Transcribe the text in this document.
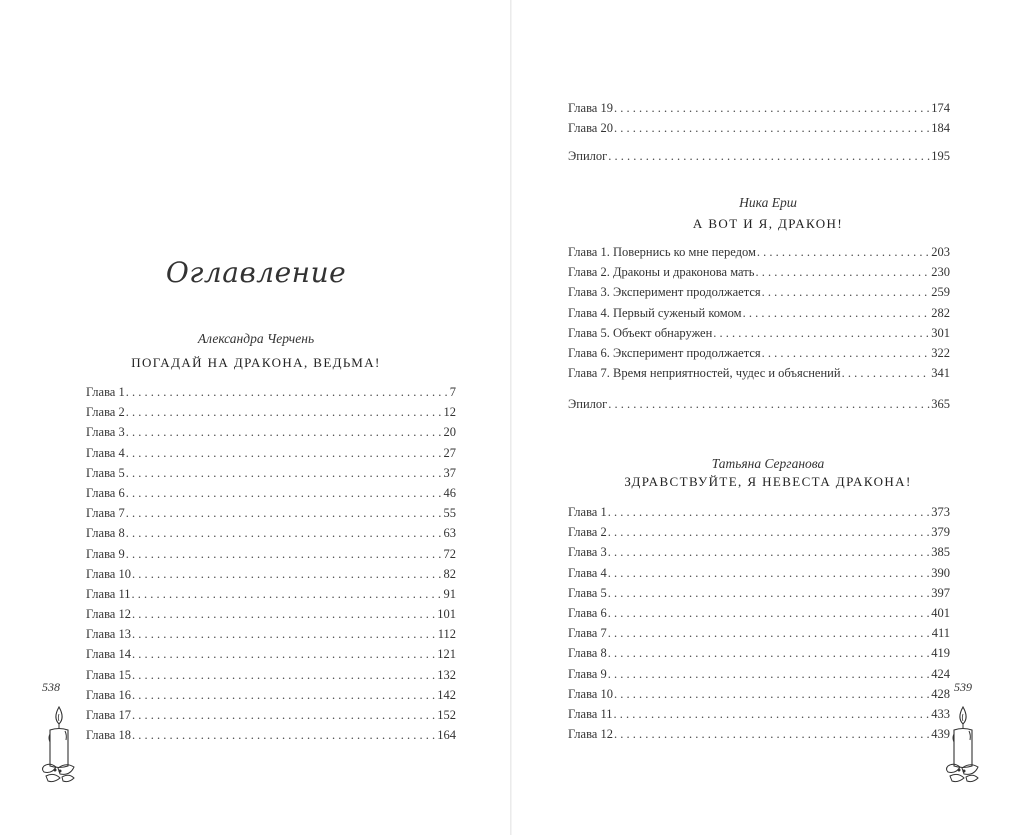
Оглавление
Александра Черчень
ПОГАДАЙ НА ДРАКОНА, ВЕДЬМА!
Глава 1 . . .	7
Глава 2 . . .	12
Глава 3 . . .	20
Глава 4 . . .	27
Глава 5 . . .	37
Глава 6 . . .	46
Глава 7 . . .	55
Глава 8 . . .	63
Глава 9 . . .	72
Глава 10 . . .	82
Глава 11 . . .	91
Глава 12 . . .	101
Глава 13 . . .	112
Глава 14 . . .	121
Глава 15 . . .	132
Глава 16 . . .	142
Глава 17 . . .	152
Глава 18 . . .	164
538
Глава 19 . . .	174
Глава 20 . . .	184
Эпилог . . .	195
Ника Ерш
А ВОТ И Я, ДРАКОН!
Глава 1. Повернись ко мне передом . . .	203
Глава 2. Драконы и драконова мать . . .	230
Глава 3. Эксперимент продолжается . . .	259
Глава 4. Первый суженый комом . . .	282
Глава 5. Объект обнаружен . . .	301
Глава 6. Эксперимент продолжается . . .	322
Глава 7. Время неприятностей, чудес и объяснений . . .	341
Эпилог . . .	365
Татьяна Серганова
ЗДРАВСТВУЙТЕ, Я НЕВЕСТА ДРАКОНА!
Глава 1 . . .	373
Глава 2 . . .	379
Глава 3 . . .	385
Глава 4 . . .	390
Глава 5 . . .	397
Глава 6 . . .	401
Глава 7 . . .	411
Глава 8 . . .	419
Глава 9 . . .	424
Глава 10 . . .	428
Глава 11 . . .	433
Глава 12 . . .	439
539
